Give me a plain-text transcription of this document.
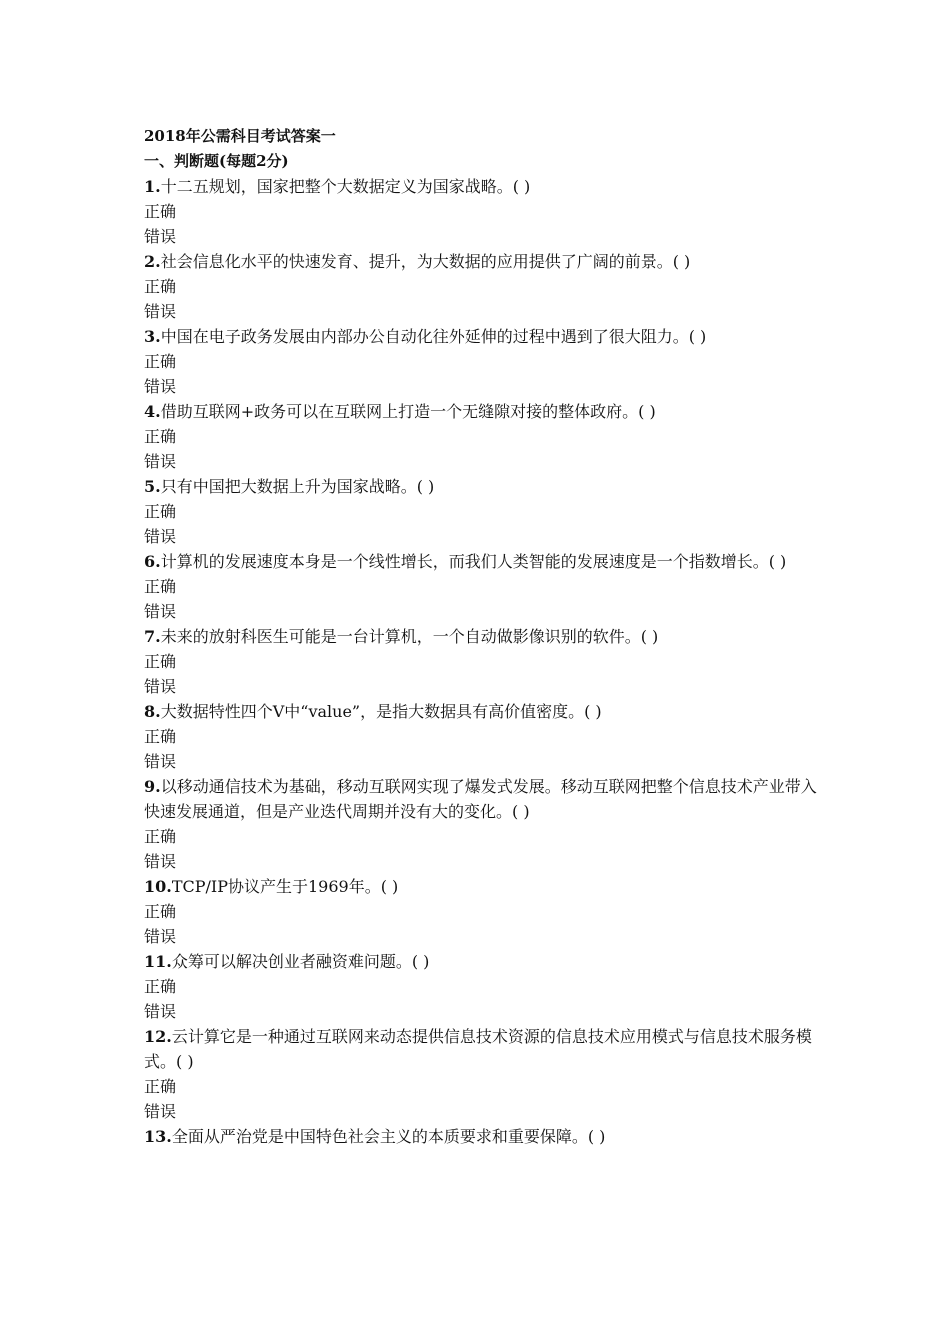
2018年公需科目考试答案一
一、判断题(每题2分)
1.十二五规划，国家把整个大数据定义为国家战略。( )
正确
错误
2.社会信息化水平的快速发育、提升，为大数据的应用提供了广阔的前景。( )
正确
错误
3.中国在电子政务发展由内部办公自动化往外延伸的过程中遇到了很大阻力。( )
正确
错误
4.借助互联网+政务可以在互联网上打造一个无缝隙对接的整体政府。( )
正确
错误
5.只有中国把大数据上升为国家战略。( )
正确
错误
6.计算机的发展速度本身是一个线性增长，而我们人类智能的发展速度是一个指数增长。( )
正确
错误
7.未来的放射科医生可能是一台计算机，一个自动做影像识别的软件。( )
正确
错误
8.大数据特性四个V中“value”，是指大数据具有高价值密度。( )
正确
错误
9.以移动通信技术为基础，移动互联网实现了爆发式发展。移动互联网把整个信息技术产业带入快速发展通道，但是产业迭代周期并没有大的变化。( )
正确
错误
10.TCP/IP协议产生于1969年。( )
正确
错误
11.众筹可以解决创业者融资难问题。( )
正确
错误
12.云计算它是一种通过互联网来动态提供信息技术资源的信息技术应用模式与信息技术服务模式。( )
正确
错误
13.全面从严治党是中国特色社会主义的本质要求和重要保障。( )
